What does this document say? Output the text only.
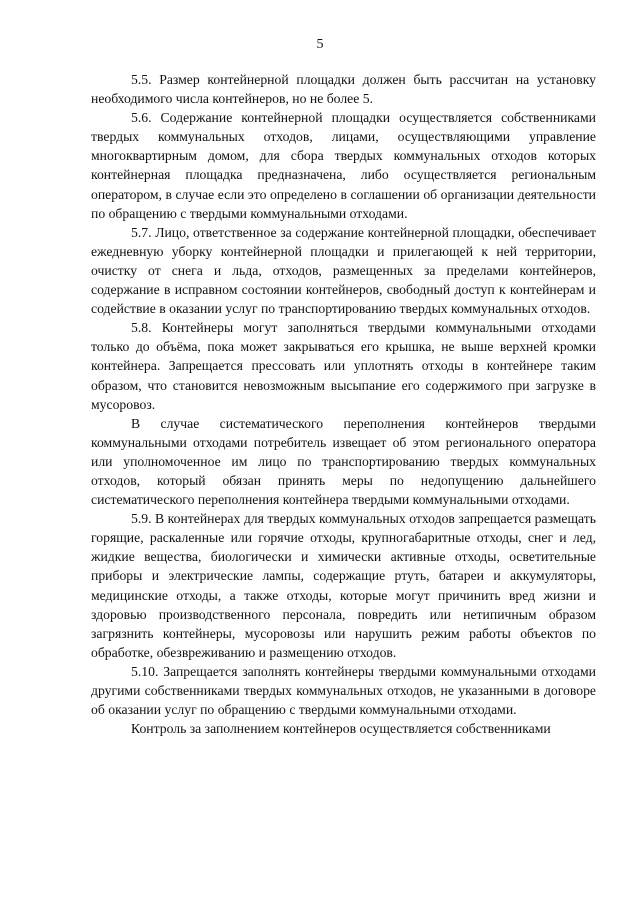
5

5.5. Размер контейнерной площадки должен быть рассчитан на установку необходимого числа контейнеров, но не более 5.

5.6. Содержание контейнерной площадки осуществляется собственниками твердых коммунальных отходов, лицами, осуществляющими управление многоквартирным домом, для сбора твердых коммунальных отходов которых контейнерная площадка предназначена, либо осуществляется региональным оператором, в случае если это определено в соглашении об организации деятельности по обращению с твердыми коммунальными отходами.

5.7. Лицо, ответственное за содержание контейнерной площадки, обеспечивает ежедневную уборку контейнерной площадки и прилегающей к ней территории, очистку от снега и льда, отходов, размещенных за пределами контейнеров, содержание в исправном состоянии контейнеров, свободный доступ к контейнерам и содействие в оказании услуг по транспортированию твердых коммунальных отходов.

5.8. Контейнеры могут заполняться твердыми коммунальными отходами только до объёма, пока может закрываться его крышка, не выше верхней кромки контейнера. Запрещается прессовать или уплотнять отходы в контейнере таким образом, что становится невозможным высыпание его содержимого при загрузке в мусоровоз.

В случае систематического переполнения контейнеров твердыми коммунальными отходами потребитель извещает об этом регионального оператора или уполномоченное им лицо по транспортированию твердых коммунальных отходов, который обязан принять меры по недопущению дальнейшего систематического переполнения контейнера твердыми коммунальными отходами.

5.9. В контейнерах для твердых коммунальных отходов запрещается размещать горящие, раскаленные или горячие отходы, крупногабаритные отходы, снег и лед, жидкие вещества, биологически и химически активные отходы, осветительные приборы и электрические лампы, содержащие ртуть, батареи и аккумуляторы, медицинские отходы, а также отходы, которые могут причинить вред жизни и здоровью производственного персонала, повредить или нетипичным образом загрязнить контейнеры, мусоровозы или нарушить режим работы объектов по обработке, обезвреживанию и размещению отходов.

5.10. Запрещается заполнять контейнеры твердыми коммунальными отходами другими собственниками твердых коммунальных отходов, не указанными в договоре об оказании услуг по обращению с твердыми коммунальными отходами.

Контроль за заполнением контейнеров осуществляется собственниками
